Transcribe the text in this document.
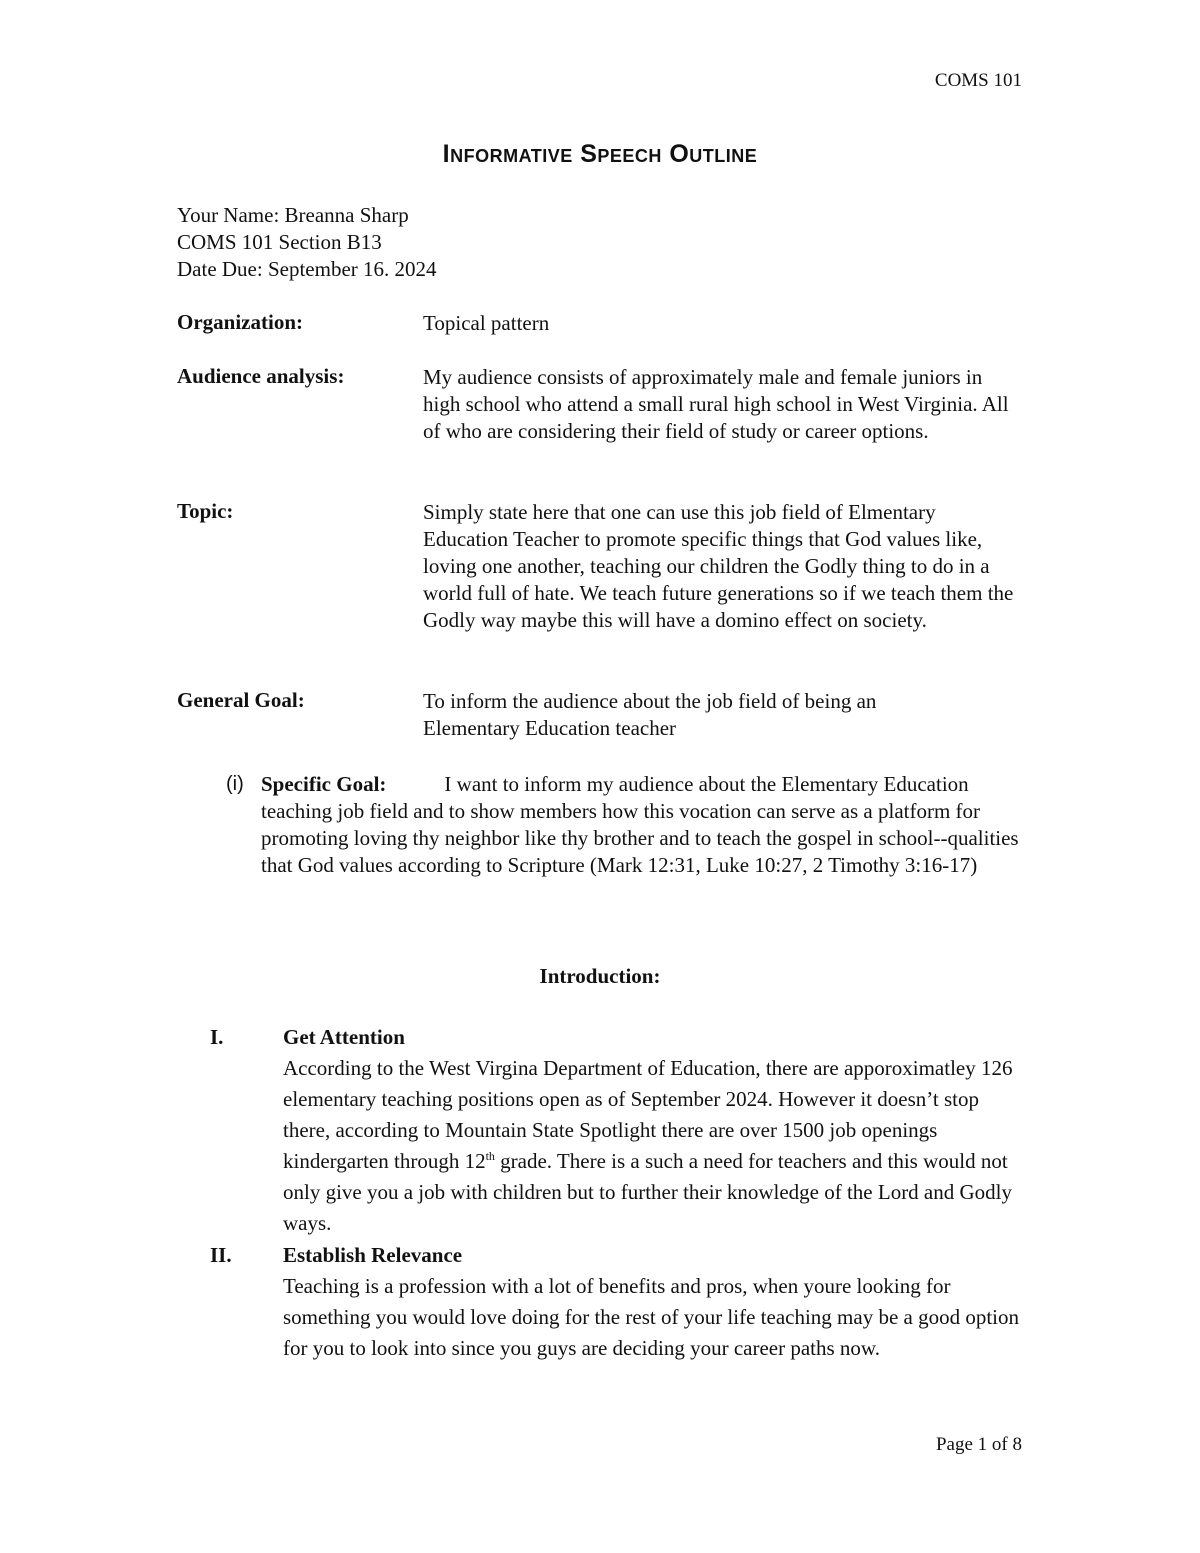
COMS 101
Informative Speech Outline
Your Name: Breanna Sharp
COMS 101 Section B13
Date Due: September 16. 2024
Organization:	Topical pattern
Audience analysis:	My audience consists of approximately male and female juniors in high school who attend a small rural high school in West Virginia. All of who are considering their field of study or career options.
Topic:	Simply state here that one can use this job field of Elmentary Education Teacher to promote specific things that God values like, loving one another, teaching our children the Godly thing to do in a world full of hate. We teach future generations so if we teach them the Godly way maybe this will have a domino effect on society.
General Goal:	To inform the audience about the job field of being an Elementary Education teacher
(i) Specific Goal:	I want to inform my audience about the Elementary Education teaching job field and to show members how this vocation can serve as a platform for promoting loving thy neighbor like thy brother and to teach the gospel in school--qualities that God values according to Scripture (Mark 12:31, Luke 10:27, 2 Timothy 3:16-17)
Introduction:
I.	Get Attention
According to the West Virgina Department of Education, there are apporoximatley 126 elementary teaching positions open as of September 2024. However it doesn’t stop there, according to Mountain State Spotlight there are over 1500 job openings kindergarten through 12th grade. There is a such a need for teachers and this would not only give you a job with children but to further their knowledge of the Lord and Godly ways.
II. Establish Relevance
Teaching is a profession with a lot of benefits and pros, when youre looking for something you would love doing for the rest of your life teaching may be a good option for you to look into since you guys are deciding your career paths now.
Page 1 of 8
